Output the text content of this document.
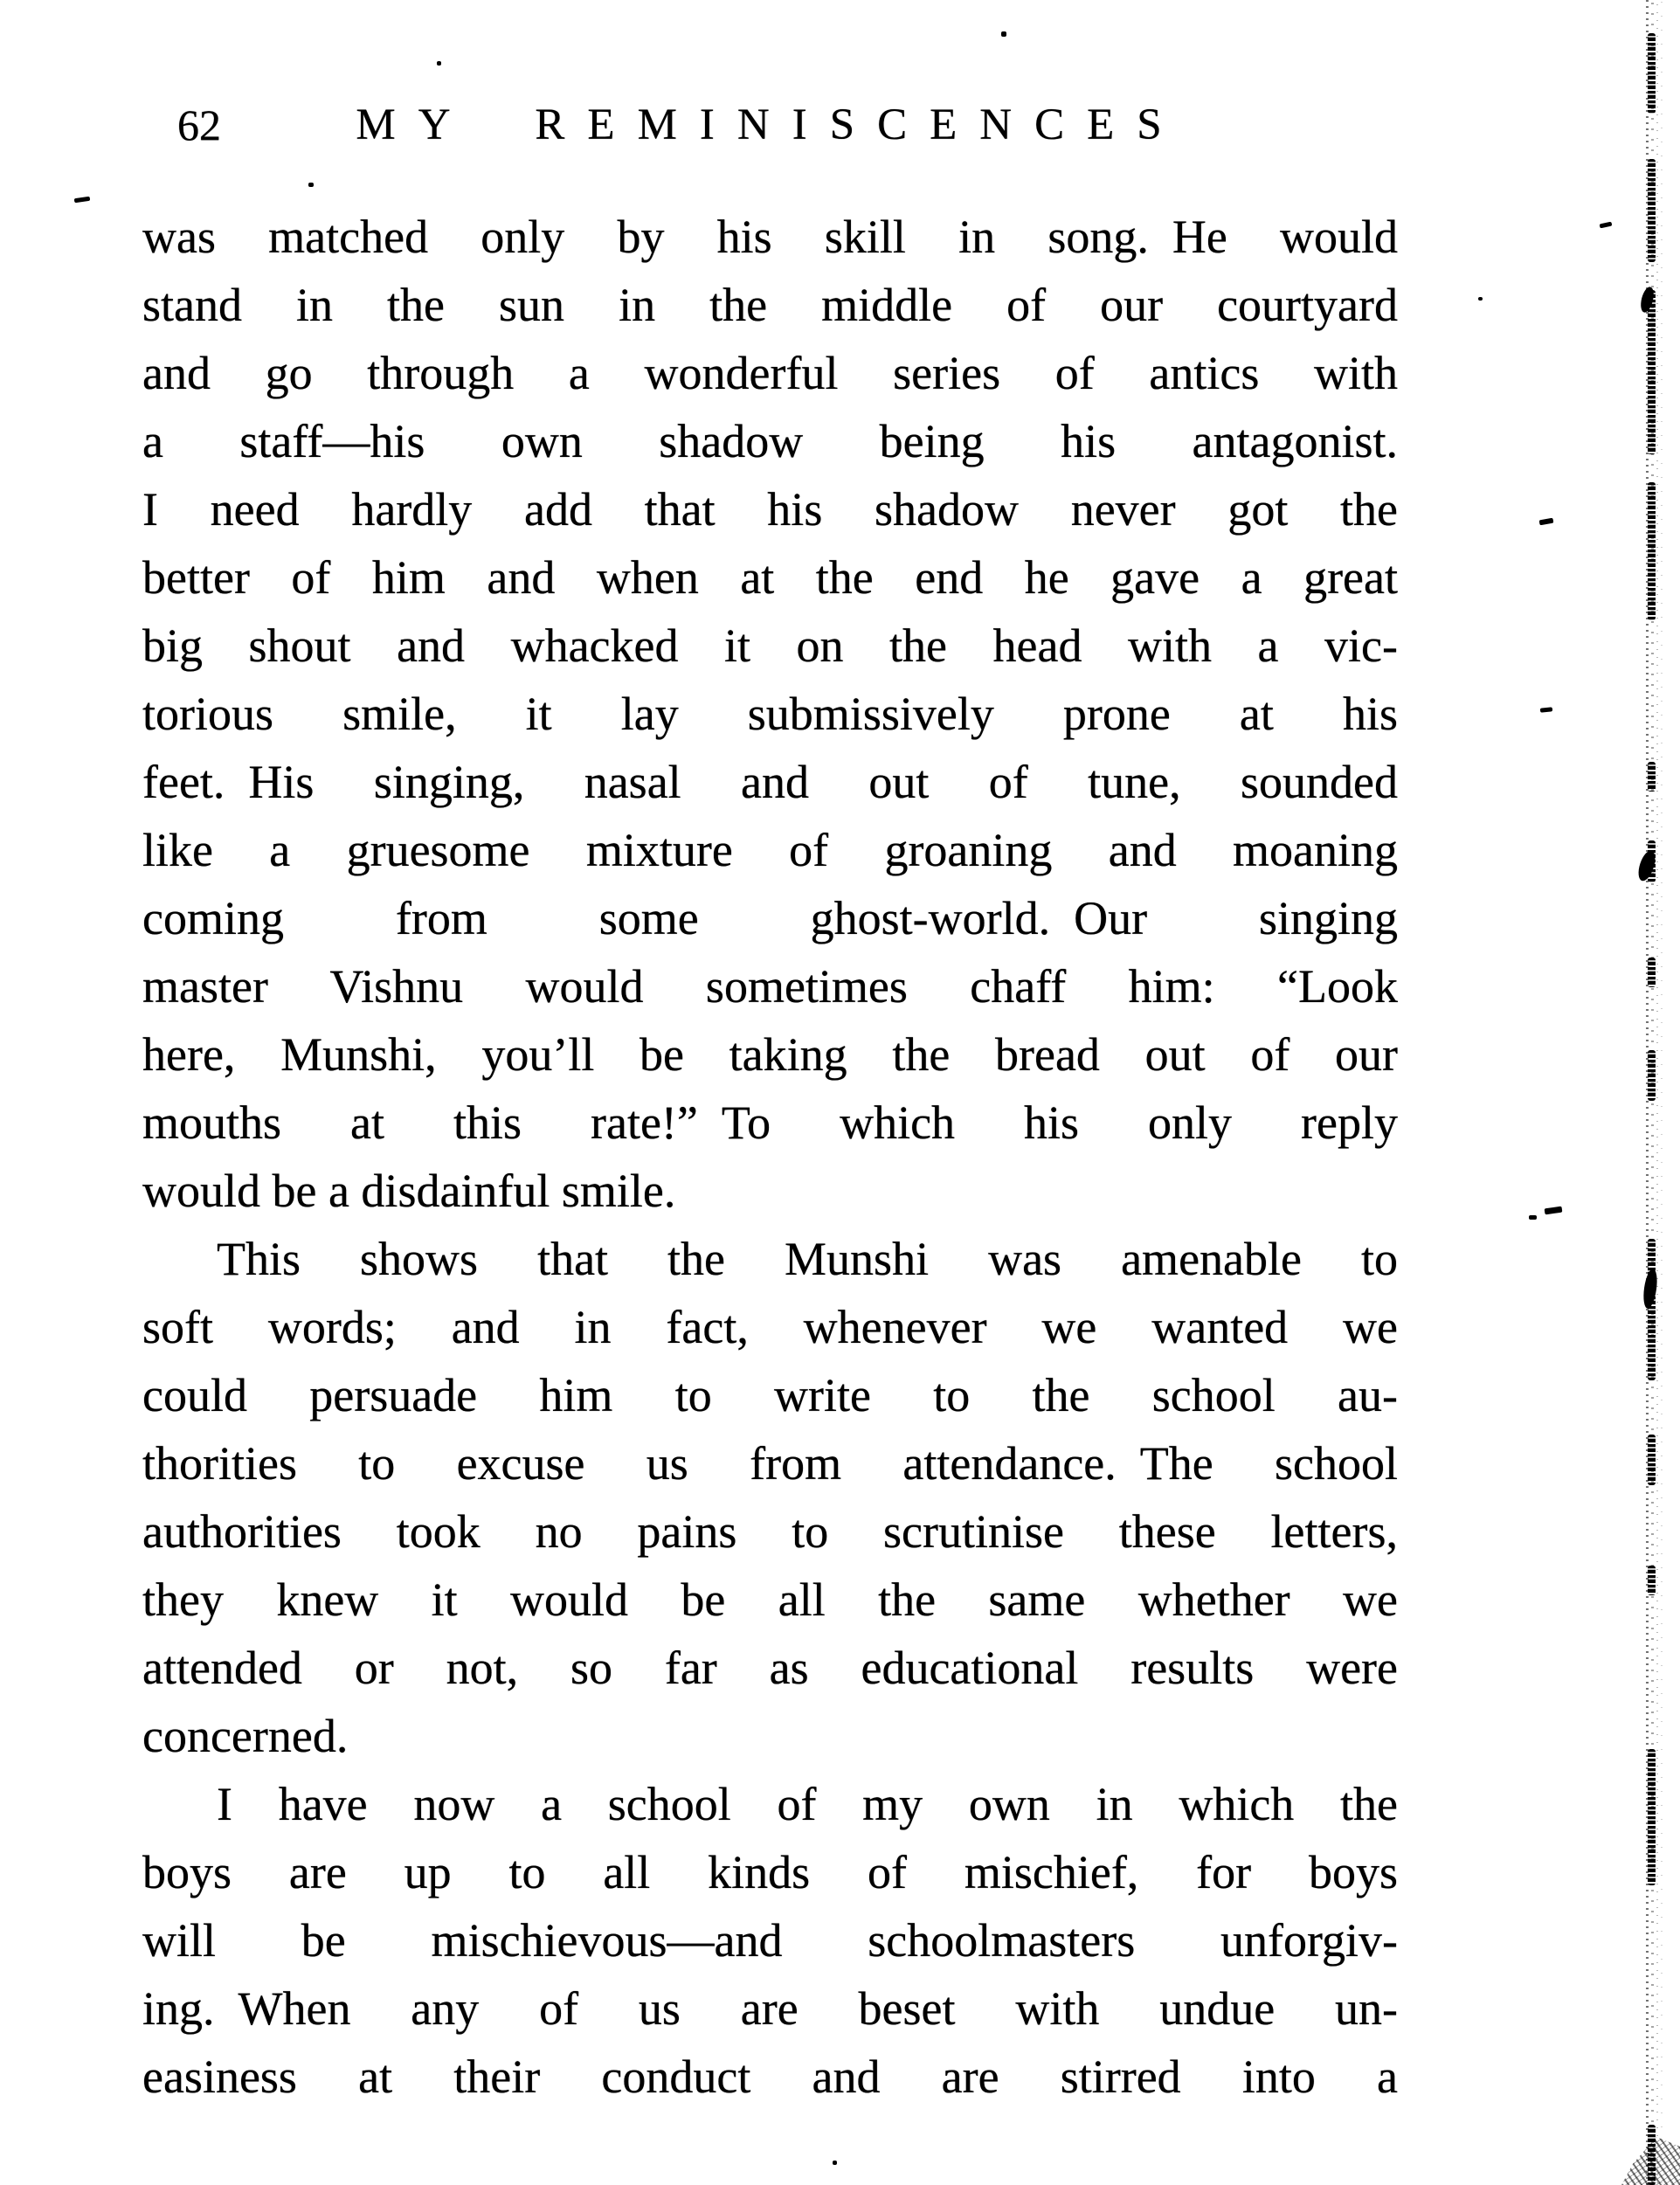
62	MY REMINISCENCES
was matched only by his skill in song. He would
stand in the sun in the middle of our courtyard
and go through a wonderful series of antics with
a staff—his own shadow being his antagonist.
I need hardly add that his shadow never got the
better of him and when at the end he gave a great
big shout and whacked it on the head with a vic-
torious smile, it lay submissively prone at his
feet. His singing, nasal and out of tune, sounded
like a gruesome mixture of groaning and moaning
coming from some ghost-world. Our singing
master Vishnu would sometimes chaff him: “Look
here, Munshi, you’ll be taking the bread out of our
mouths at this rate!” To which his only reply
would be a disdainful smile.
This shows that the Munshi was amenable to
soft words; and in fact, whenever we wanted we
could persuade him to write to the school au-
thorities to excuse us from attendance. The school
authorities took no pains to scrutinise these letters,
they knew it would be all the same whether we
attended or not, so far as educational results were
concerned.
I have now a school of my own in which the
boys are up to all kinds of mischief, for boys
will be mischievous—and schoolmasters unforgiv-
ing. When any of us are beset with undue un-
easiness at their conduct and are stirred into a
